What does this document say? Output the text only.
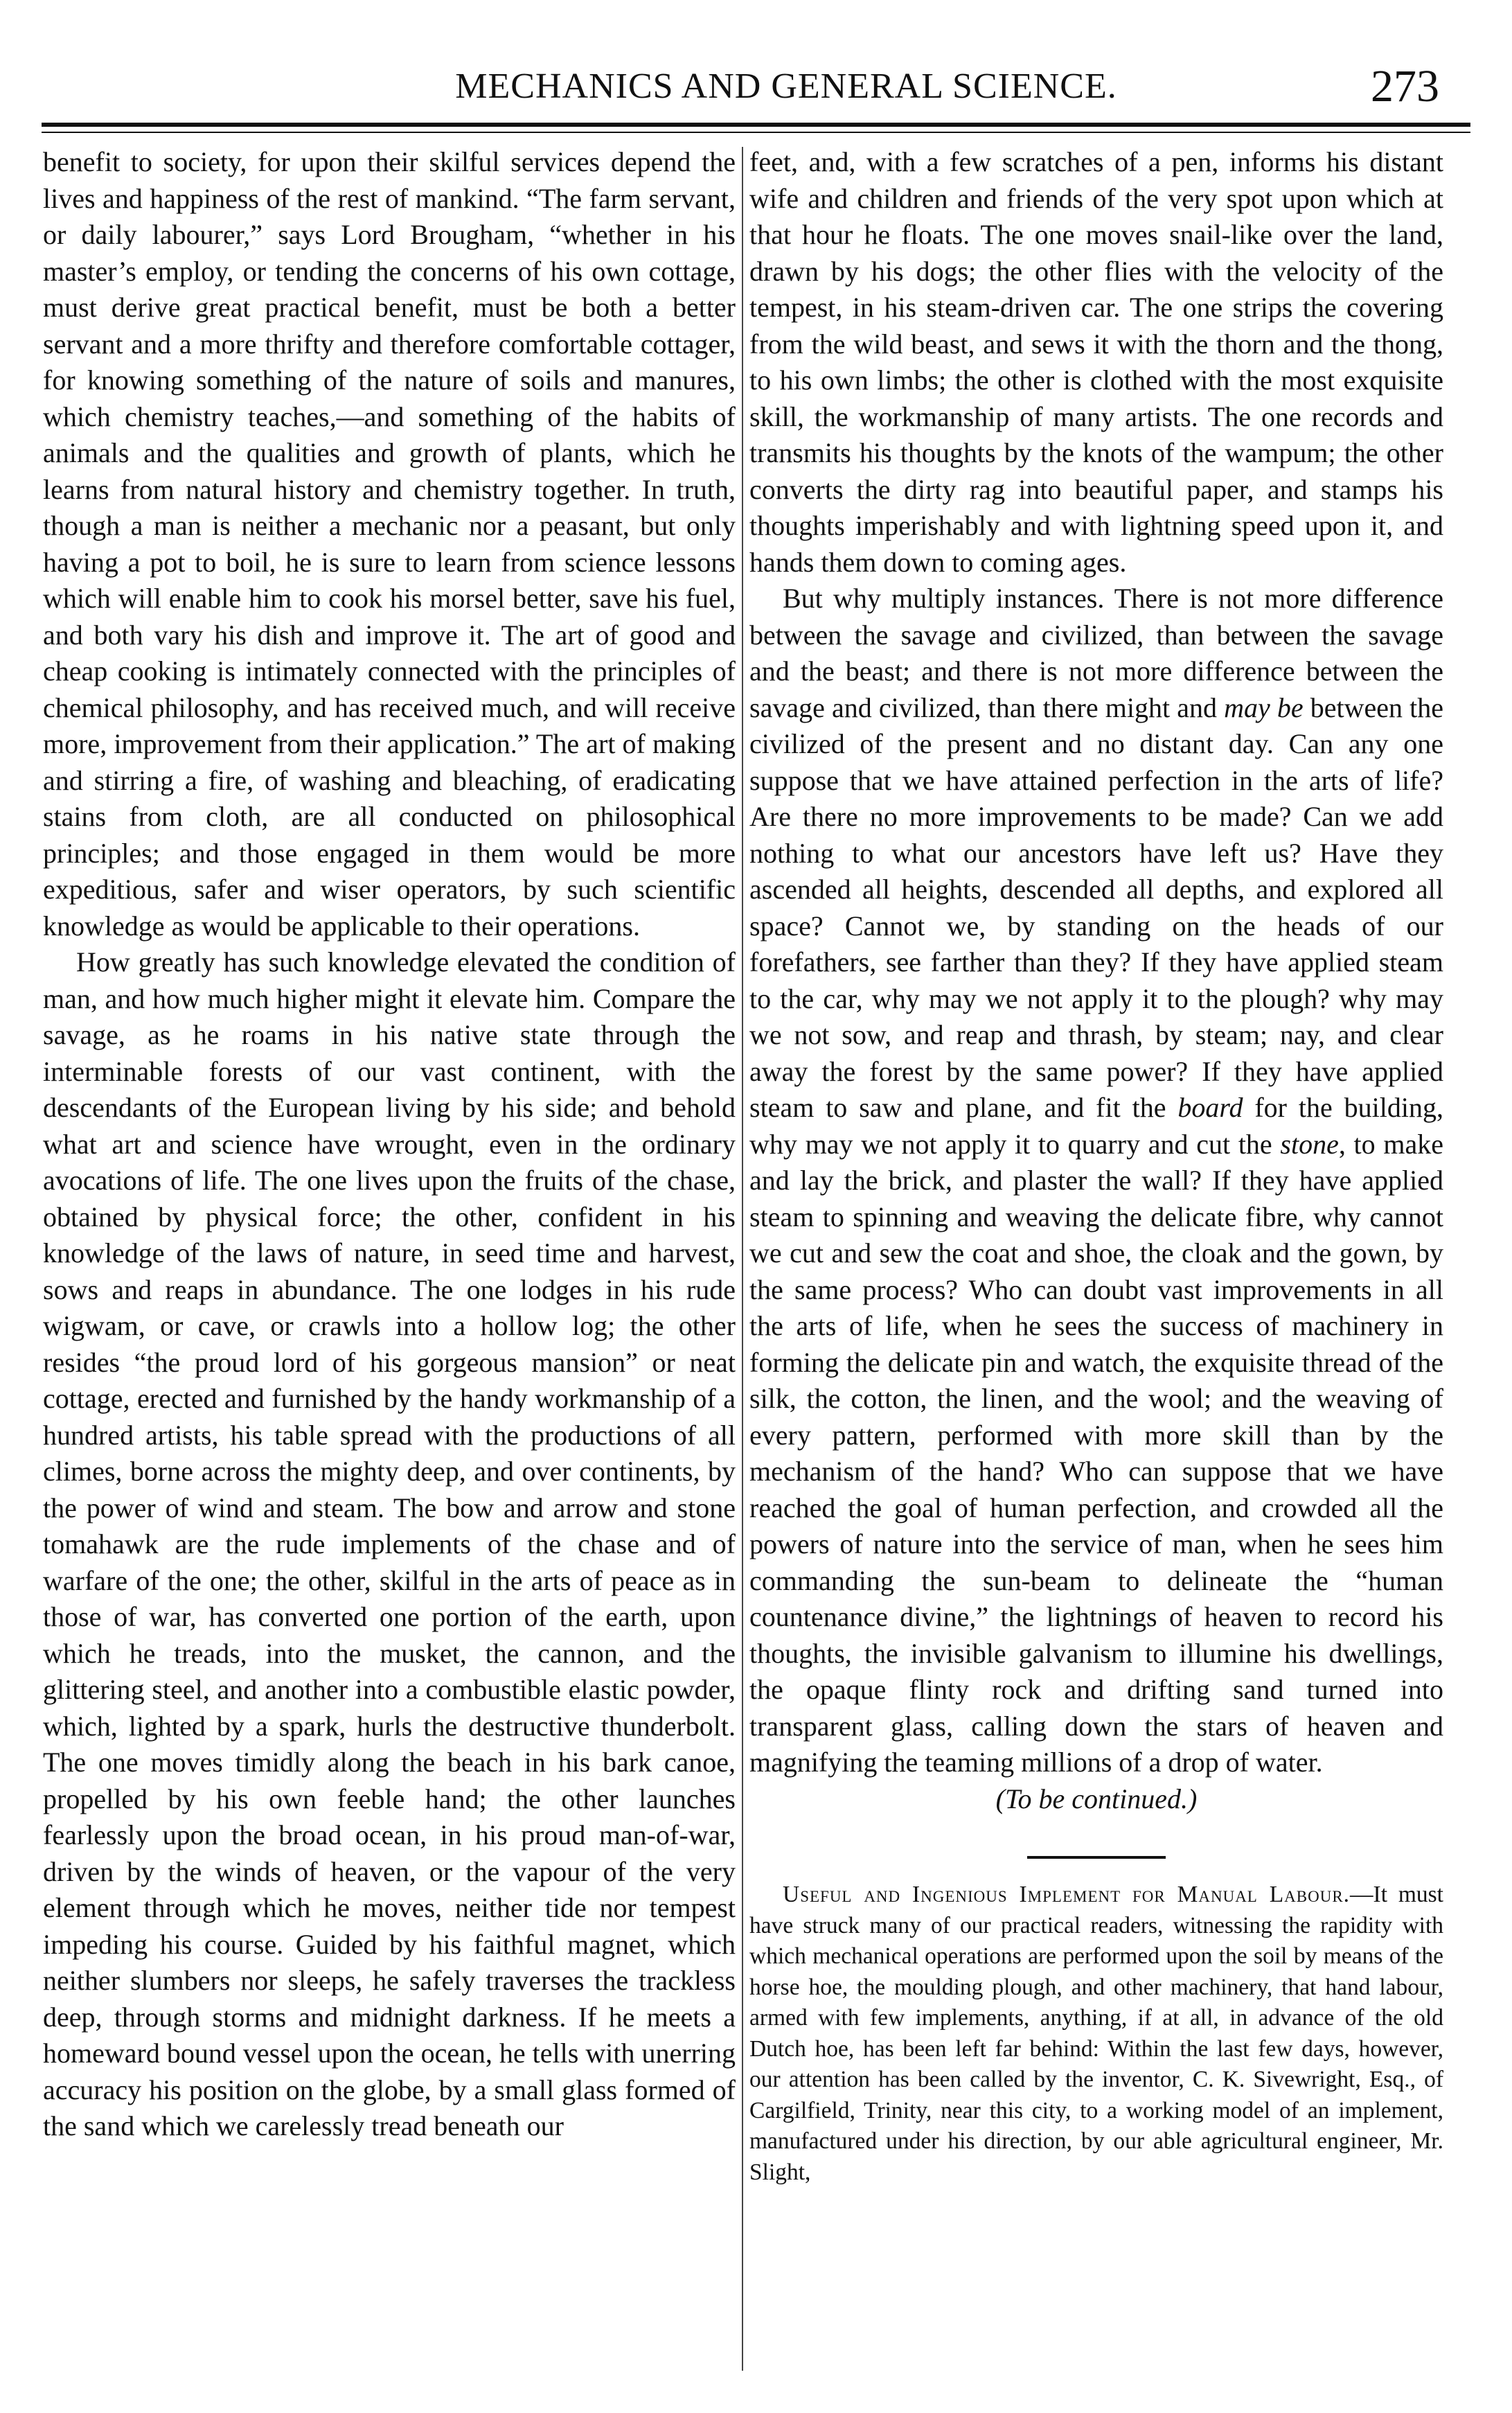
MECHANICS AND GENERAL SCIENCE.	273

benefit to society, for upon their skilful services depend the lives and happiness of the rest of mankind. “The farm servant, or daily labourer,” says Lord Brougham, “whether in his master’s employ, or tending the concerns of his own cottage, must derive great practical benefit, must be both a better servant and a more thrifty and therefore comfortable cottager, for knowing something of the nature of soils and manures, which chemistry teaches,—and something of the habits of animals and the qualities and growth of plants, which he learns from natural history and chemistry together. In truth, though a man is neither a mechanic nor a peasant, but only having a pot to boil, he is sure to learn from science lessons which will enable him to cook his morsel better, save his fuel, and both vary his dish and improve it. The art of good and cheap cooking is intimately connected with the principles of chemical philosophy, and has received much, and will receive more, improvement from their application.” The art of making and stirring a fire, of washing and bleaching, of eradicating stains from cloth, are all conducted on philosophical principles; and those engaged in them would be more expeditious, safer and wiser operators, by such scientific knowledge as would be applicable to their operations.

How greatly has such knowledge elevated the condition of man, and how much higher might it elevate him. Compare the savage, as he roams in his native state through the interminable forests of our vast continent, with the descendants of the European living by his side; and behold what art and science have wrought, even in the ordinary avocations of life. The one lives upon the fruits of the chase, obtained by physical force; the other, confident in his knowledge of the laws of nature, in seed time and harvest, sows and reaps in abundance. The one lodges in his rude wigwam, or cave, or crawls into a hollow log; the other resides “the proud lord of his gorgeous mansion” or neat cottage, erected and furnished by the handy workmanship of a hundred artists, his table spread with the productions of all climes, borne across the mighty deep, and over continents, by the power of wind and steam. The bow and arrow and stone tomahawk are the rude implements of the chase and of warfare of the one; the other, skilful in the arts of peace as in those of war, has converted one portion of the earth, upon which he treads, into the musket, the cannon, and the glittering steel, and another into a combustible elastic powder, which, lighted by a spark, hurls the destructive thunderbolt. The one moves timidly along the beach in his bark canoe, propelled by his own feeble hand; the other launches fearlessly upon the broad ocean, in his proud man-of-war, driven by the winds of heaven, or the vapour of the very element through which he moves, neither tide nor tempest impeding his course. Guided by his faithful magnet, which neither slumbers nor sleeps, he safely traverses the trackless deep, through storms and midnight darkness. If he meets a homeward bound vessel upon the ocean, he tells with unerring accuracy his position on the globe, by a small glass formed of the sand which we carelessly tread beneath our

feet, and, with a few scratches of a pen, informs his distant wife and children and friends of the very spot upon which at that hour he floats. The one moves snail-like over the land, drawn by his dogs; the other flies with the velocity of the tempest, in his steam-driven car. The one strips the covering from the wild beast, and sews it with the thorn and the thong, to his own limbs; the other is clothed with the most exquisite skill, the workmanship of many artists. The one records and transmits his thoughts by the knots of the wampum; the other converts the dirty rag into beautiful paper, and stamps his thoughts imperishably and with lightning speed upon it, and hands them down to coming ages.

But why multiply instances. There is not more difference between the savage and civilized, than between the savage and the beast; and there is not more difference between the savage and civilized, than there might and may be between the civilized of the present and no distant day. Can any one suppose that we have attained perfection in the arts of life? Are there no more improvements to be made? Can we add nothing to what our ancestors have left us? Have they ascended all heights, descended all depths, and explored all space? Cannot we, by standing on the heads of our forefathers, see farther than they? If they have applied steam to the car, why may we not apply it to the plough? why may we not sow, and reap and thrash, by steam; nay, and clear away the forest by the same power? If they have applied steam to saw and plane, and fit the board for the building, why may we not apply it to quarry and cut the stone, to make and lay the brick, and plaster the wall? If they have applied steam to spinning and weaving the delicate fibre, why cannot we cut and sew the coat and shoe, the cloak and the gown, by the same process? Who can doubt vast improvements in all the arts of life, when he sees the success of machinery in forming the delicate pin and watch, the exquisite thread of the silk, the cotton, the linen, and the wool; and the weaving of every pattern, performed with more skill than by the mechanism of the hand? Who can suppose that we have reached the goal of human perfection, and crowded all the powers of nature into the service of man, when he sees him commanding the sun-beam to delineate the “human countenance divine,” the lightnings of heaven to record his thoughts, the invisible galvanism to illumine his dwellings, the opaque flinty rock and drifting sand turned into transparent glass, calling down the stars of heaven and magnifying the teaming millions of a drop of water.

(To be continued.)

Useful and Ingenious Implement for Manual Labour.—It must have struck many of our practical readers, witnessing the rapidity with which mechanical operations are performed upon the soil by means of the horse hoe, the moulding plough, and other machinery, that hand labour, armed with few implements, anything, if at all, in advance of the old Dutch hoe, has been left far behind: Within the last few days, however, our attention has been called by the inventor, C. K. Sivewright, Esq., of Cargilfield, Trinity, near this city, to a working model of an implement, manufactured under his direction, by our able agricultural engineer, Mr. Slight,
